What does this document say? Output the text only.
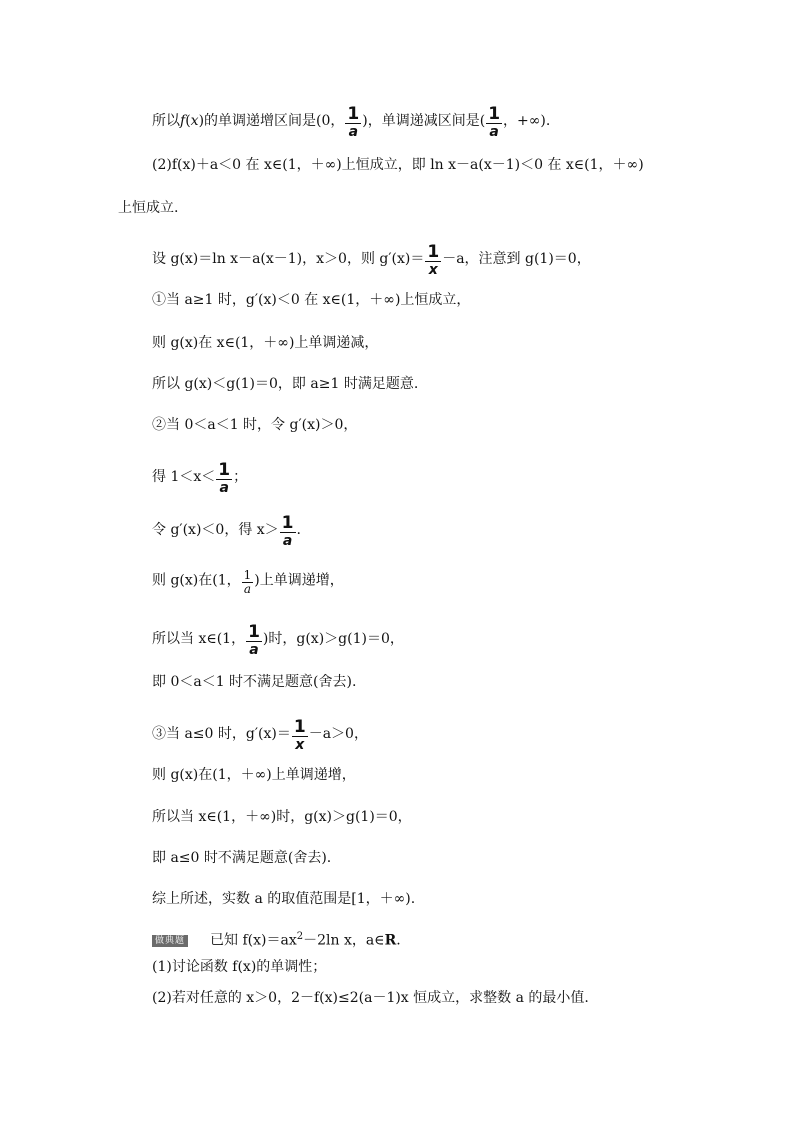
所以f(x)的单调递增区间是(0， $\frac{1}{a}$ )，单调递减区间是( $\frac{1}{a}$ ，+∞).
(2)f(x)＋a＜0 在 x∈(1，＋∞)上恒成立，即 ln x－a(x－1)＜0 在 x∈(1，＋∞)
上恒成立.
设 g(x)＝ln x－a(x－1)，x＞0，则 $g'(x)= \frac{1}{x} -a$，注意到 g(1)＝0，
①当 a≥1 时，g′(x)＜0 在 x∈(1，＋∞)上恒成立，
则 g(x)在 x∈(1，＋∞)上单调递减，
所以 g(x)＜g(1)＝0，即 a≥1 时满足题意.
②当 0＜a＜1 时，令 g′(x)＞0，
得 $1<x< \frac{1}{a}$ ；
令 g′(x)＜0，得 $x> \frac{1}{a}$ .
则 g(x)在(1， $\frac{1}{a}$ )上单调递增，
所以当 x∈(1， $\frac{1}{a}$ )时，g(x)＞g(1)＝0，
即 0＜a＜1 时不满足题意(舍去).
③当 a≤0 时，$g'(x)= \frac{1}{x} -a>0$，
则 g(x)在(1，＋∞)上单调递增，
所以当 x∈(1，＋∞)时，g(x)＞g(1)＝0，
即 a≤0 时不满足题意(舍去).
综上所述，实数 a 的取值范围是[1，＋∞).
做典题 已知 $f(x)=ax^2-2\ln$ x，a∈R.
(1)讨论函数 f(x)的单调性；
(2)若对任意的 x＞0，2－f(x)≤2(a－1)x 恒成立，求整数 a 的最小值.
